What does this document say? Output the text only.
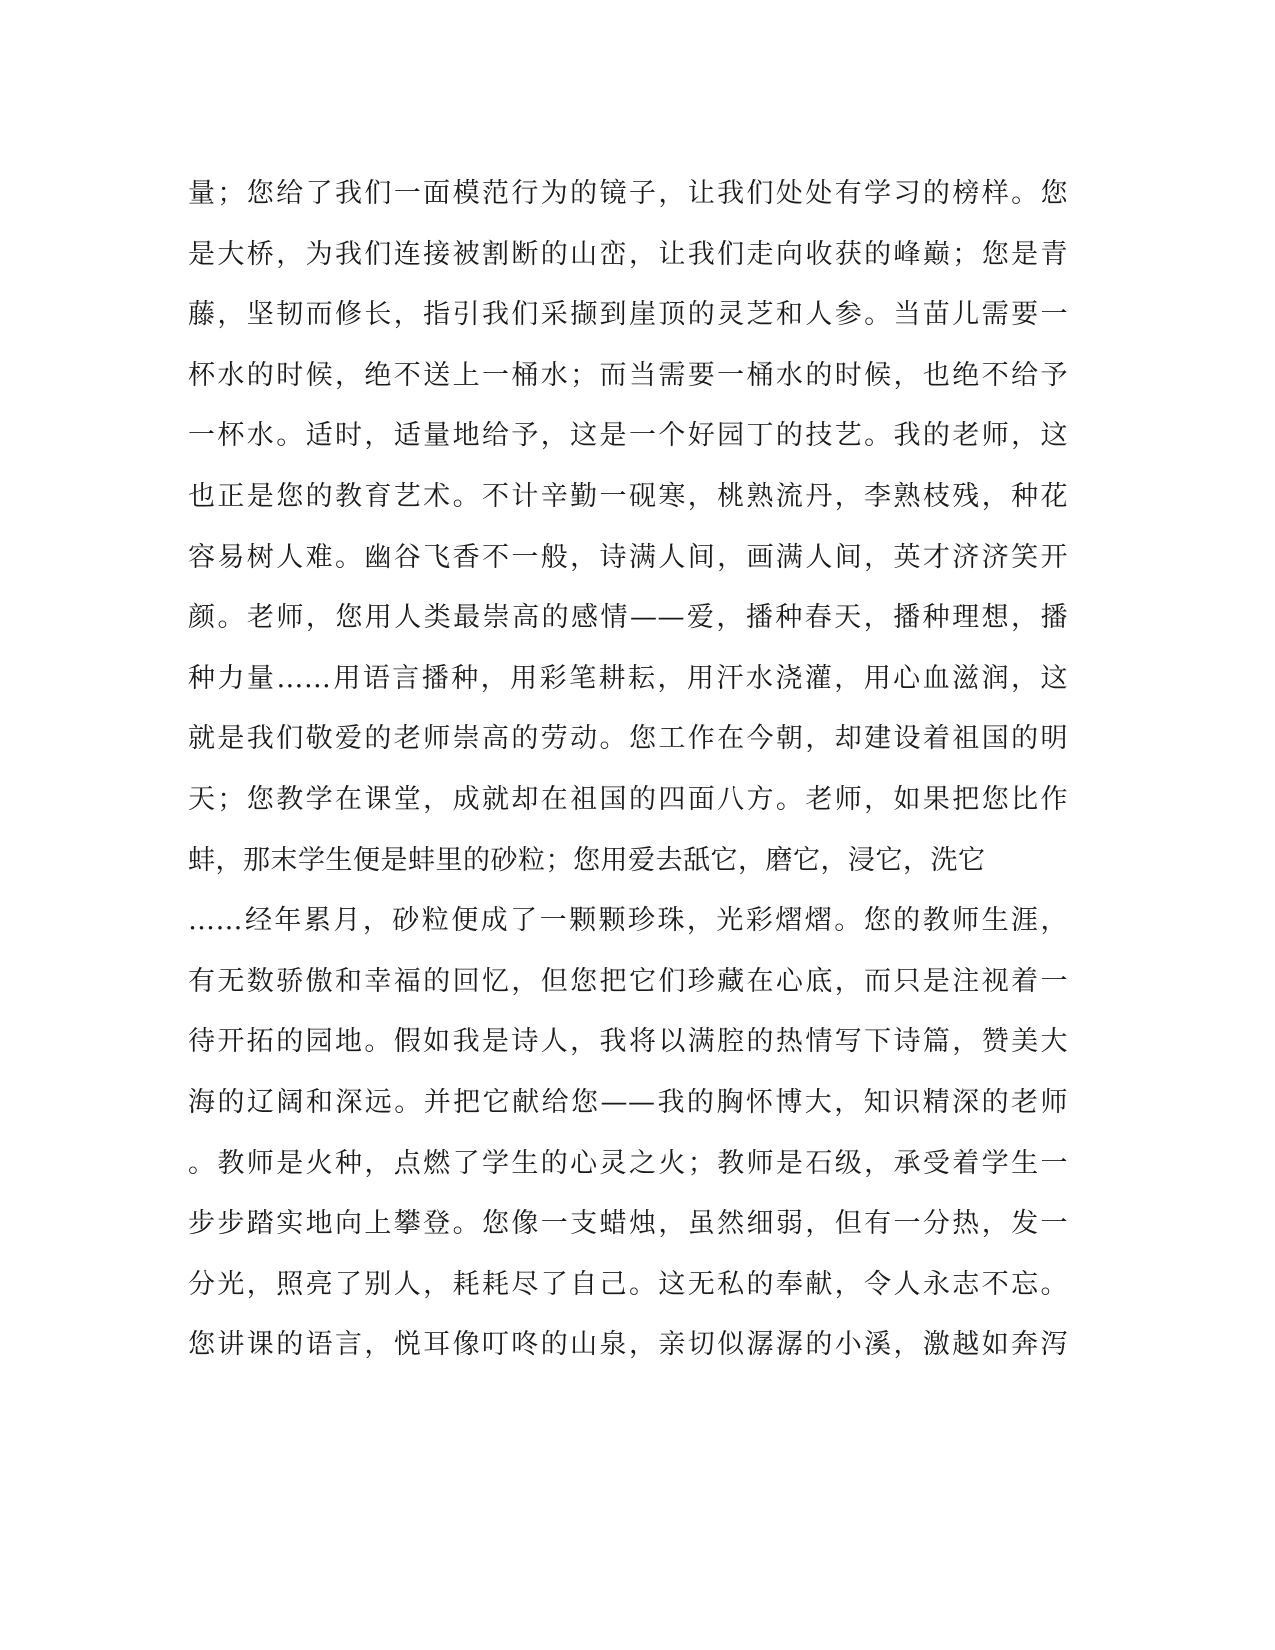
量；您给了我们一面模范行为的镜子，让我们处处有学习的榜样。您
是大桥，为我们连接被割断的山峦，让我们走向收获的峰巅；您是青
藤，坚韧而修长，指引我们采撷到崖顶的灵芝和人参。当苗儿需要一
杯水的时候，绝不送上一桶水；而当需要一桶水的时候，也绝不给予
一杯水。适时，适量地给予，这是一个好园丁的技艺。我的老师，这
也正是您的教育艺术。不计辛勤一砚寒，桃熟流丹，李熟枝残，种花
容易树人难。幽谷飞香不一般，诗满人间，画满人间，英才济济笑开
颜。老师，您用人类最崇高的感情——爱，播种春天，播种理想，播
种力量……用语言播种，用彩笔耕耘，用汗水浇灌，用心血滋润，这
就是我们敬爱的老师崇高的劳动。您工作在今朝，却建设着祖国的明
天；您教学在课堂，成就却在祖国的四面八方。老师，如果把您比作
蚌，那末学生便是蚌里的砂粒；您用爱去舐它，磨它，浸它，洗它
……经年累月，砂粒便成了一颗颗珍珠，光彩熠熠。您的教师生涯，
有无数骄傲和幸福的回忆，但您把它们珍藏在心底，而只是注视着一
待开拓的园地。假如我是诗人，我将以满腔的热情写下诗篇，赞美大
海的辽阔和深远。并把它献给您——我的胸怀博大，知识精深的老师
。教师是火种，点燃了学生的心灵之火；教师是石级，承受着学生一
步步踏实地向上攀登。您像一支蜡烛，虽然细弱，但有一分热，发一
分光，照亮了别人，耗耗尽了自己。这无私的奉献，令人永志不忘。
您讲课的语言，悦耳像叮咚的山泉，亲切似潺潺的小溪，激越如奔泻
